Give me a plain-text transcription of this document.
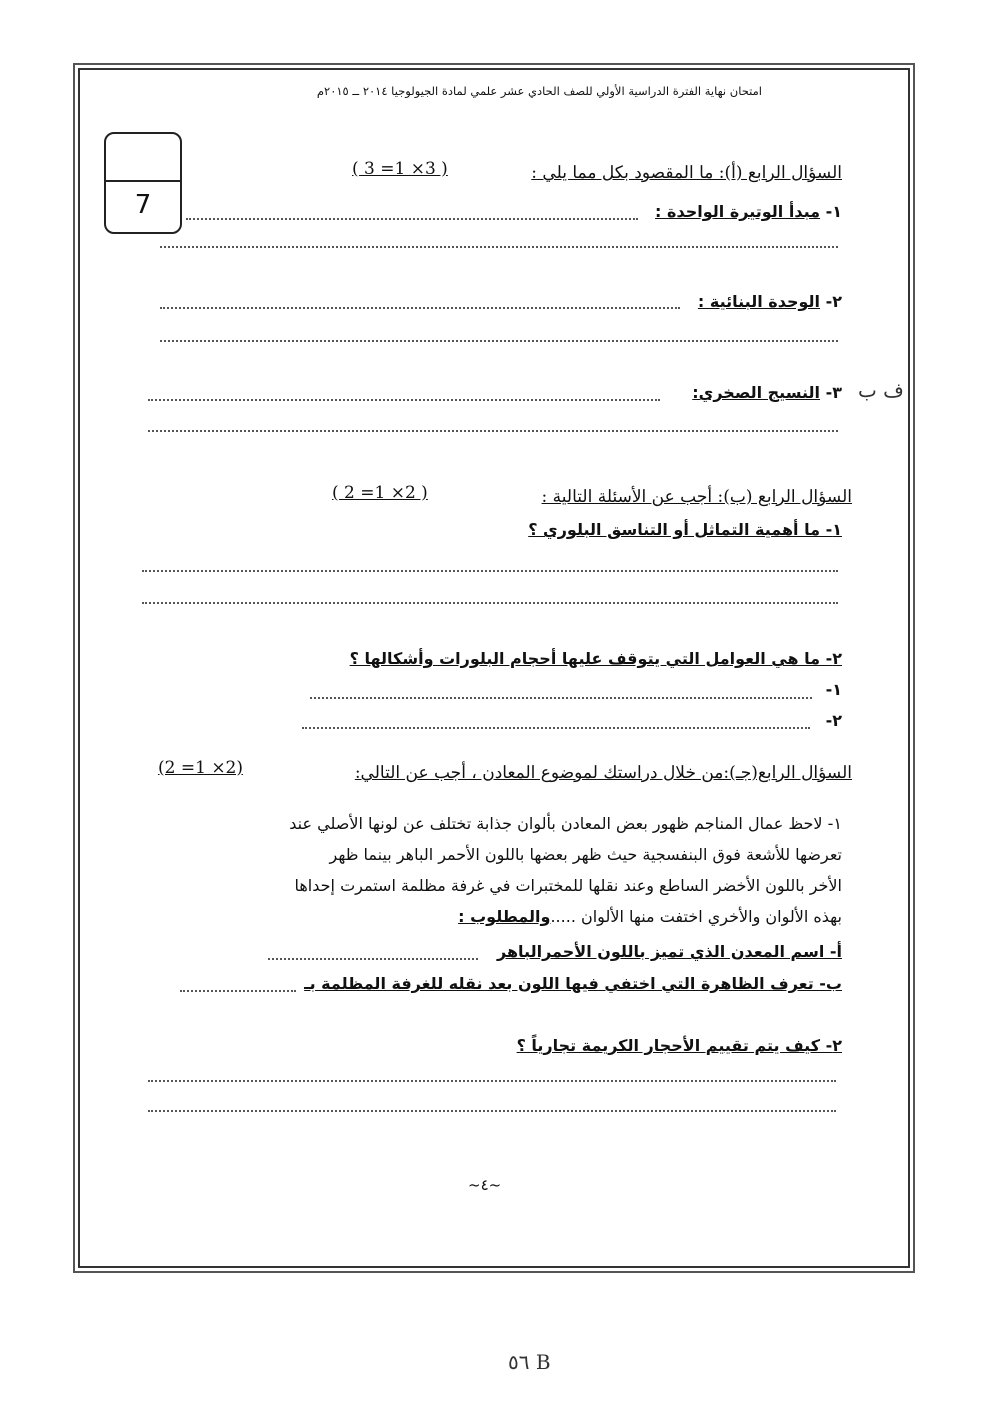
امتحان نهاية الفترة الدراسية الأولي للصف الحادي عشر علمي لمادة الجيولوجيا ٢٠١٤ ــ ٢٠١٥م
7
السؤال الرابع (أ): ما المقصود بكل مما يلي :
( 3 =1 ×3 )
١- مبدأ الوتيرة الواحدة :
٢- الوحدة البنائية :
٣- النسيج الصخري:	ف ب
السؤال الرابع (ب): أجب عن الأسئلة التالية :
( 2 =1 ×2 )
١- ما أهمية التماثل أو التناسق البلوري ؟
٢- ما هي العوامل التي يتوقف عليها أحجام البلورات وأشكالها ؟
١-
٢-
السؤال الرابع(جـ):من خلال دراستك لموضوع المعادن ، أجب عن التالي:
(2 =1 ×2)
١- لاحظ عمال المناجم ظهور بعض المعادن بألوان جذابة تختلف عن لونها الأصلي عند
تعرضها للأشعة فوق البنفسجية حيث ظهر بعضها باللون الأحمر الباهر بينما ظهر
الأخر باللون الأخضر الساطع وعند نقلها للمختبرات في غرفة مظلمة استمرت إحداها
بهذه الألوان والأخري اختفت منها الألوان .....والمطلوب :
أ- اسم المعدن الذي تميز باللون الأحمرالباهر
ب- تعرف الظاهرة التي اختفي فيها اللون بعد نقله للغرفة المظلمة بـ
٢- كيف يتم تقييم الأحجار الكريمة تجارياً ؟
~٤~
٥٦ B
